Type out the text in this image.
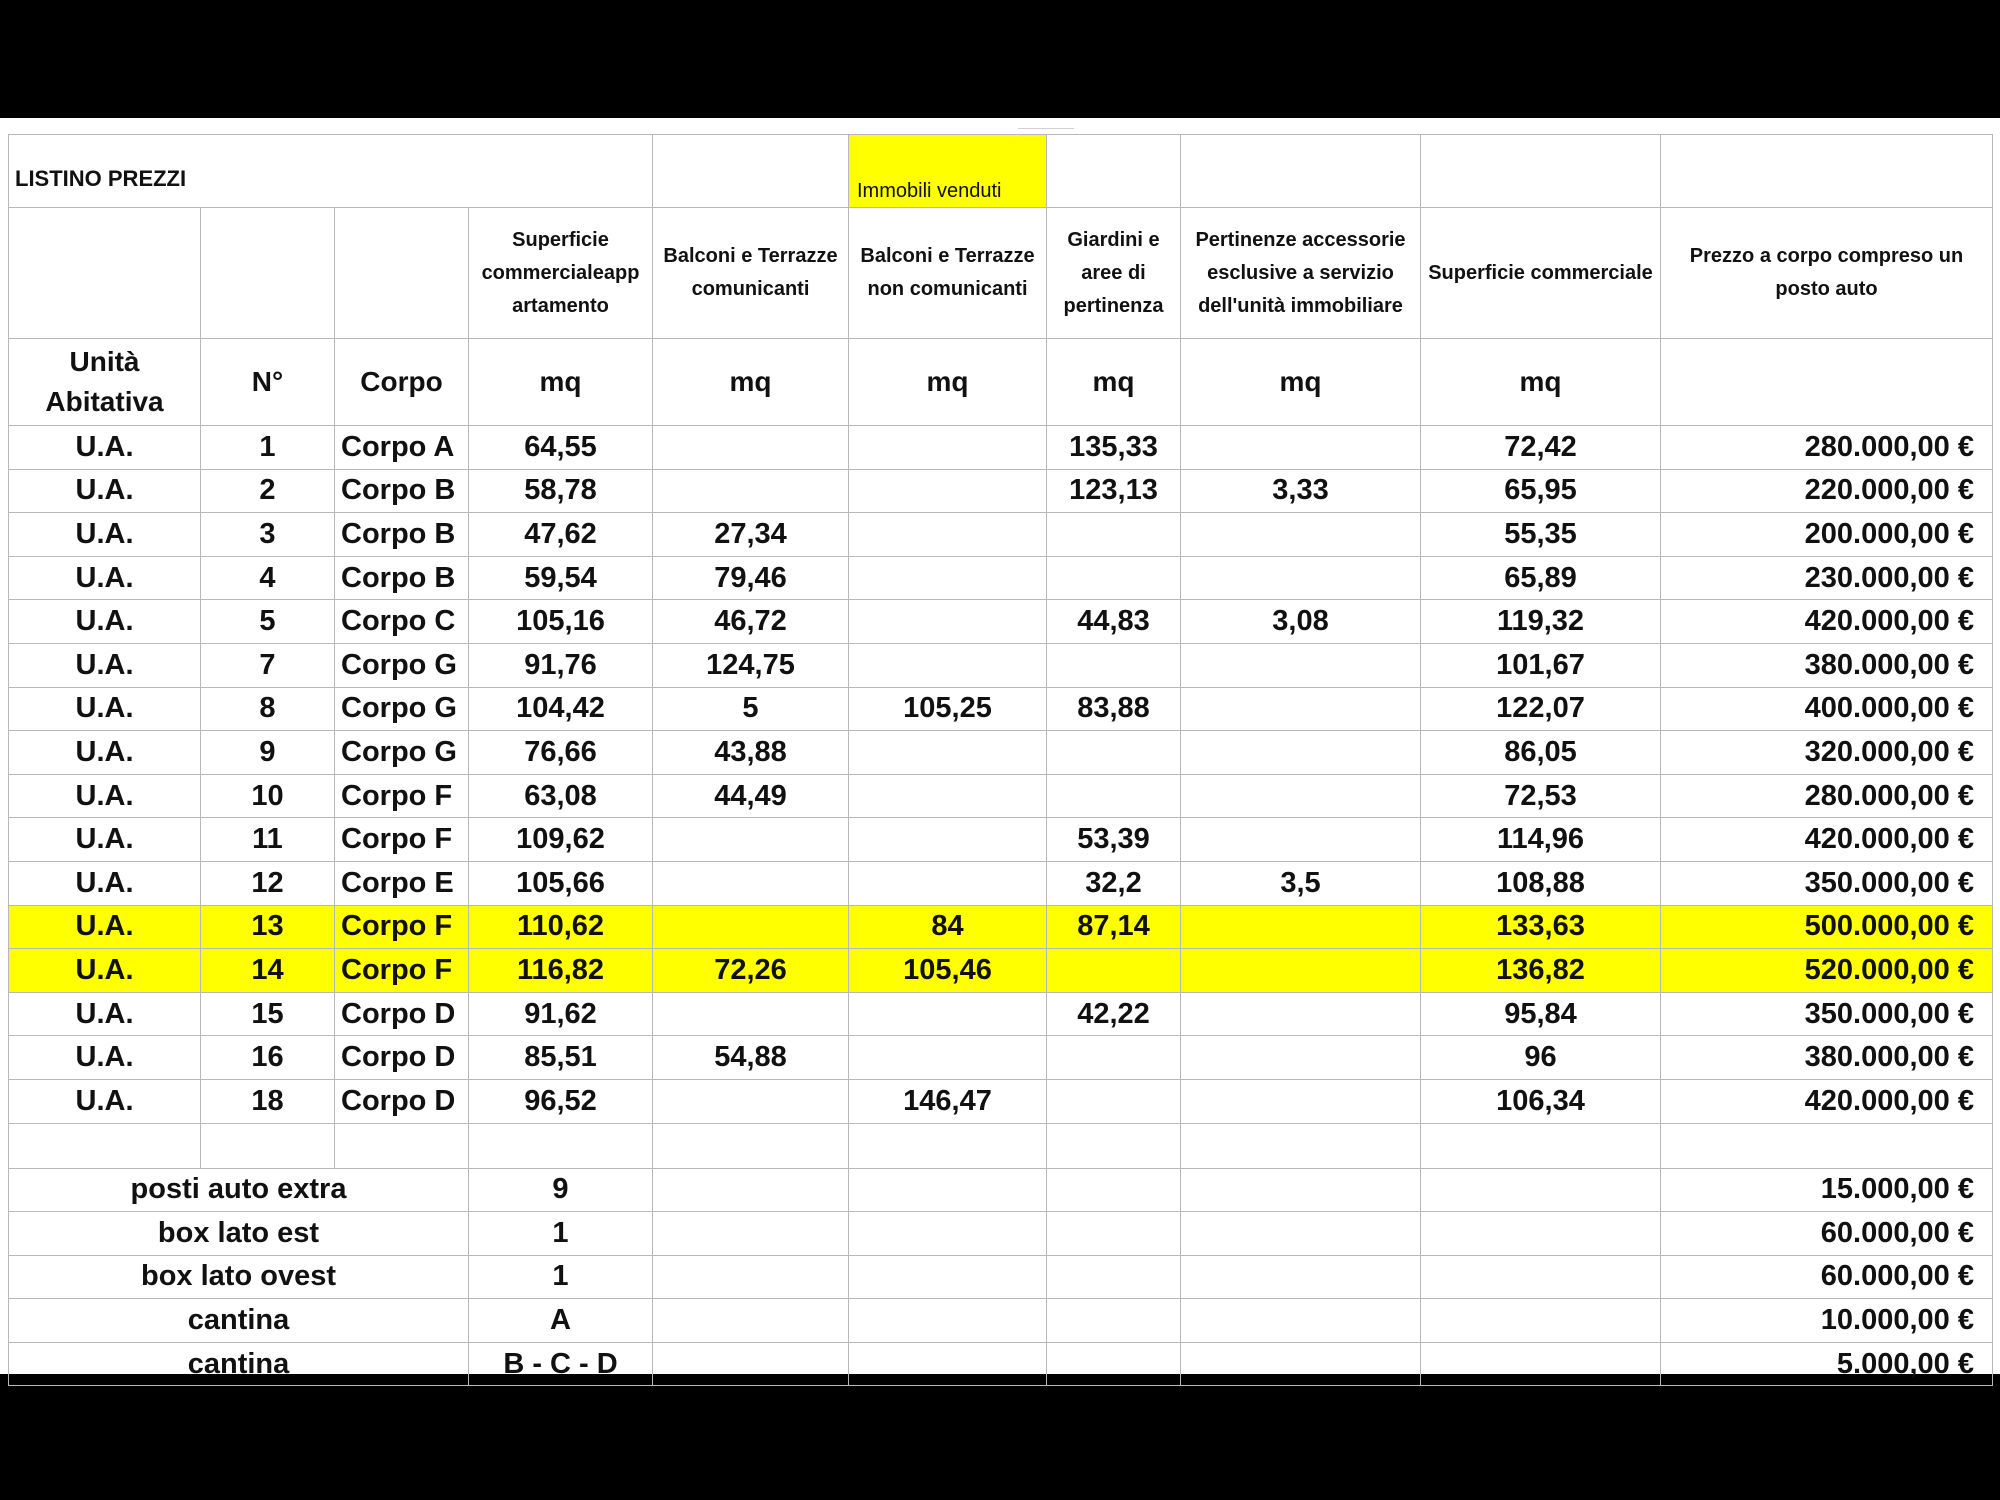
LISTINO PREZZI					Immobili venduti				
			Superficie commercialeapp artamento	Balconi e Terrazze comunicanti	Balconi e Terrazze non comunicanti	Giardini e aree di pertinenza	Pertinenze accessorie esclusive a servizio dell'unità immobiliare	Superficie commerciale	Prezzo a corpo compreso un posto auto
Unità Abitativa	N°	Corpo	mq	mq	mq	mq	mq	mq	
U.A.	1	Corpo A	64,55			135,33		72,42	280.000,00 €
U.A.	2	Corpo B	58,78			123,13	3,33	65,95	220.000,00 €
U.A.	3	Corpo B	47,62	27,34				55,35	200.000,00 €
U.A.	4	Corpo B	59,54	79,46				65,89	230.000,00 €
U.A.	5	Corpo C	105,16	46,72		44,83	3,08	119,32	420.000,00 €
U.A.	7	Corpo G	91,76	124,75				101,67	380.000,00 €
U.A.	8	Corpo G	104,42	5	105,25	83,88		122,07	400.000,00 €
U.A.	9	Corpo G	76,66	43,88				86,05	320.000,00 €
U.A.	10	Corpo F	63,08	44,49				72,53	280.000,00 €
U.A.	11	Corpo F	109,62			53,39		114,96	420.000,00 €
U.A.	12	Corpo E	105,66			32,2	3,5	108,88	350.000,00 €
U.A.	13	Corpo F	110,62		84	87,14		133,63	500.000,00 €
U.A.	14	Corpo F	116,82	72,26	105,46			136,82	520.000,00 €
U.A.	15	Corpo D	91,62			42,22		95,84	350.000,00 €
U.A.	16	Corpo D	85,51	54,88				96	380.000,00 €
U.A.	18	Corpo D	96,52		146,47			106,34	420.000,00 €

posti auto extra			9						15.000,00 €
box lato est			1						60.000,00 €
box lato ovest			1						60.000,00 €
cantina			A						10.000,00 €
cantina			B - C - D						5.000,00 €
